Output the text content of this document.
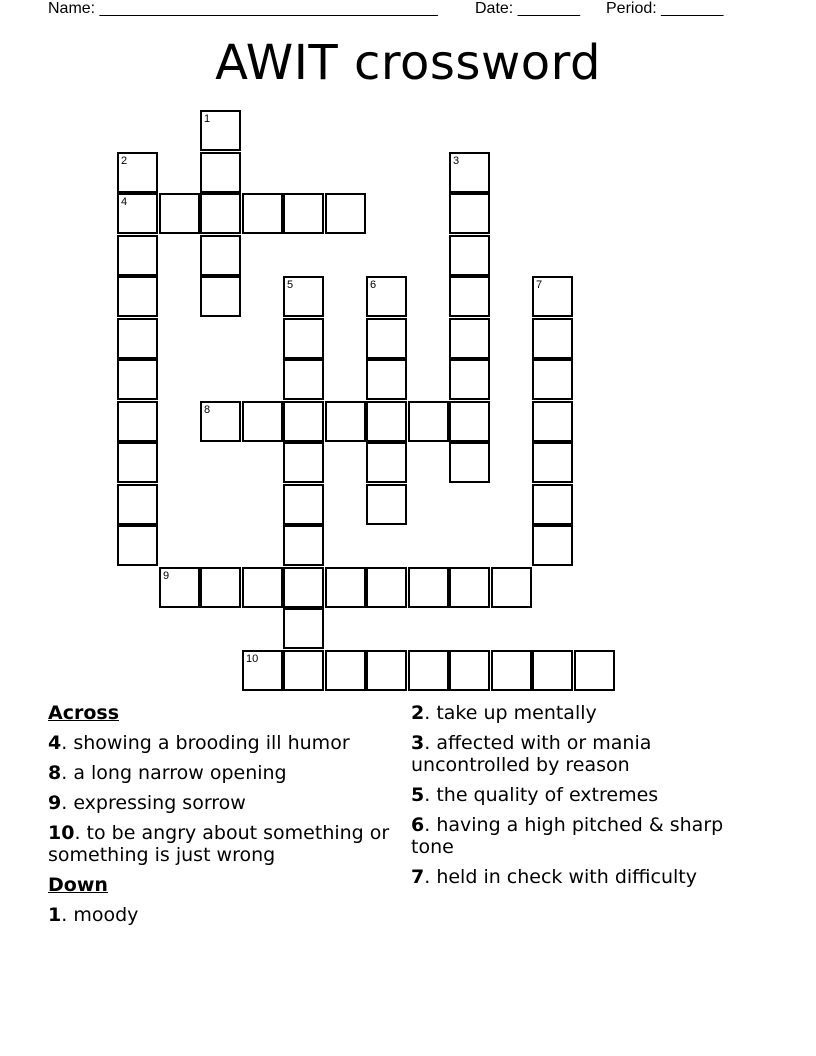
Name: ______________________________________ Date: _______ Period: _______
AWIT crossword
1
2
4
3
5	6	7
8
9
10
Across
4. showing a brooding ill humor
8. a long narrow opening
9. expressing sorrow
10. to be angry about something or something is just wrong
Down
1. moody
2. take up mentally
3. affected with or mania uncontrolled by reason
5. the quality of extremes
6. having a high pitched & sharp tone
7. held in check with difficulty
